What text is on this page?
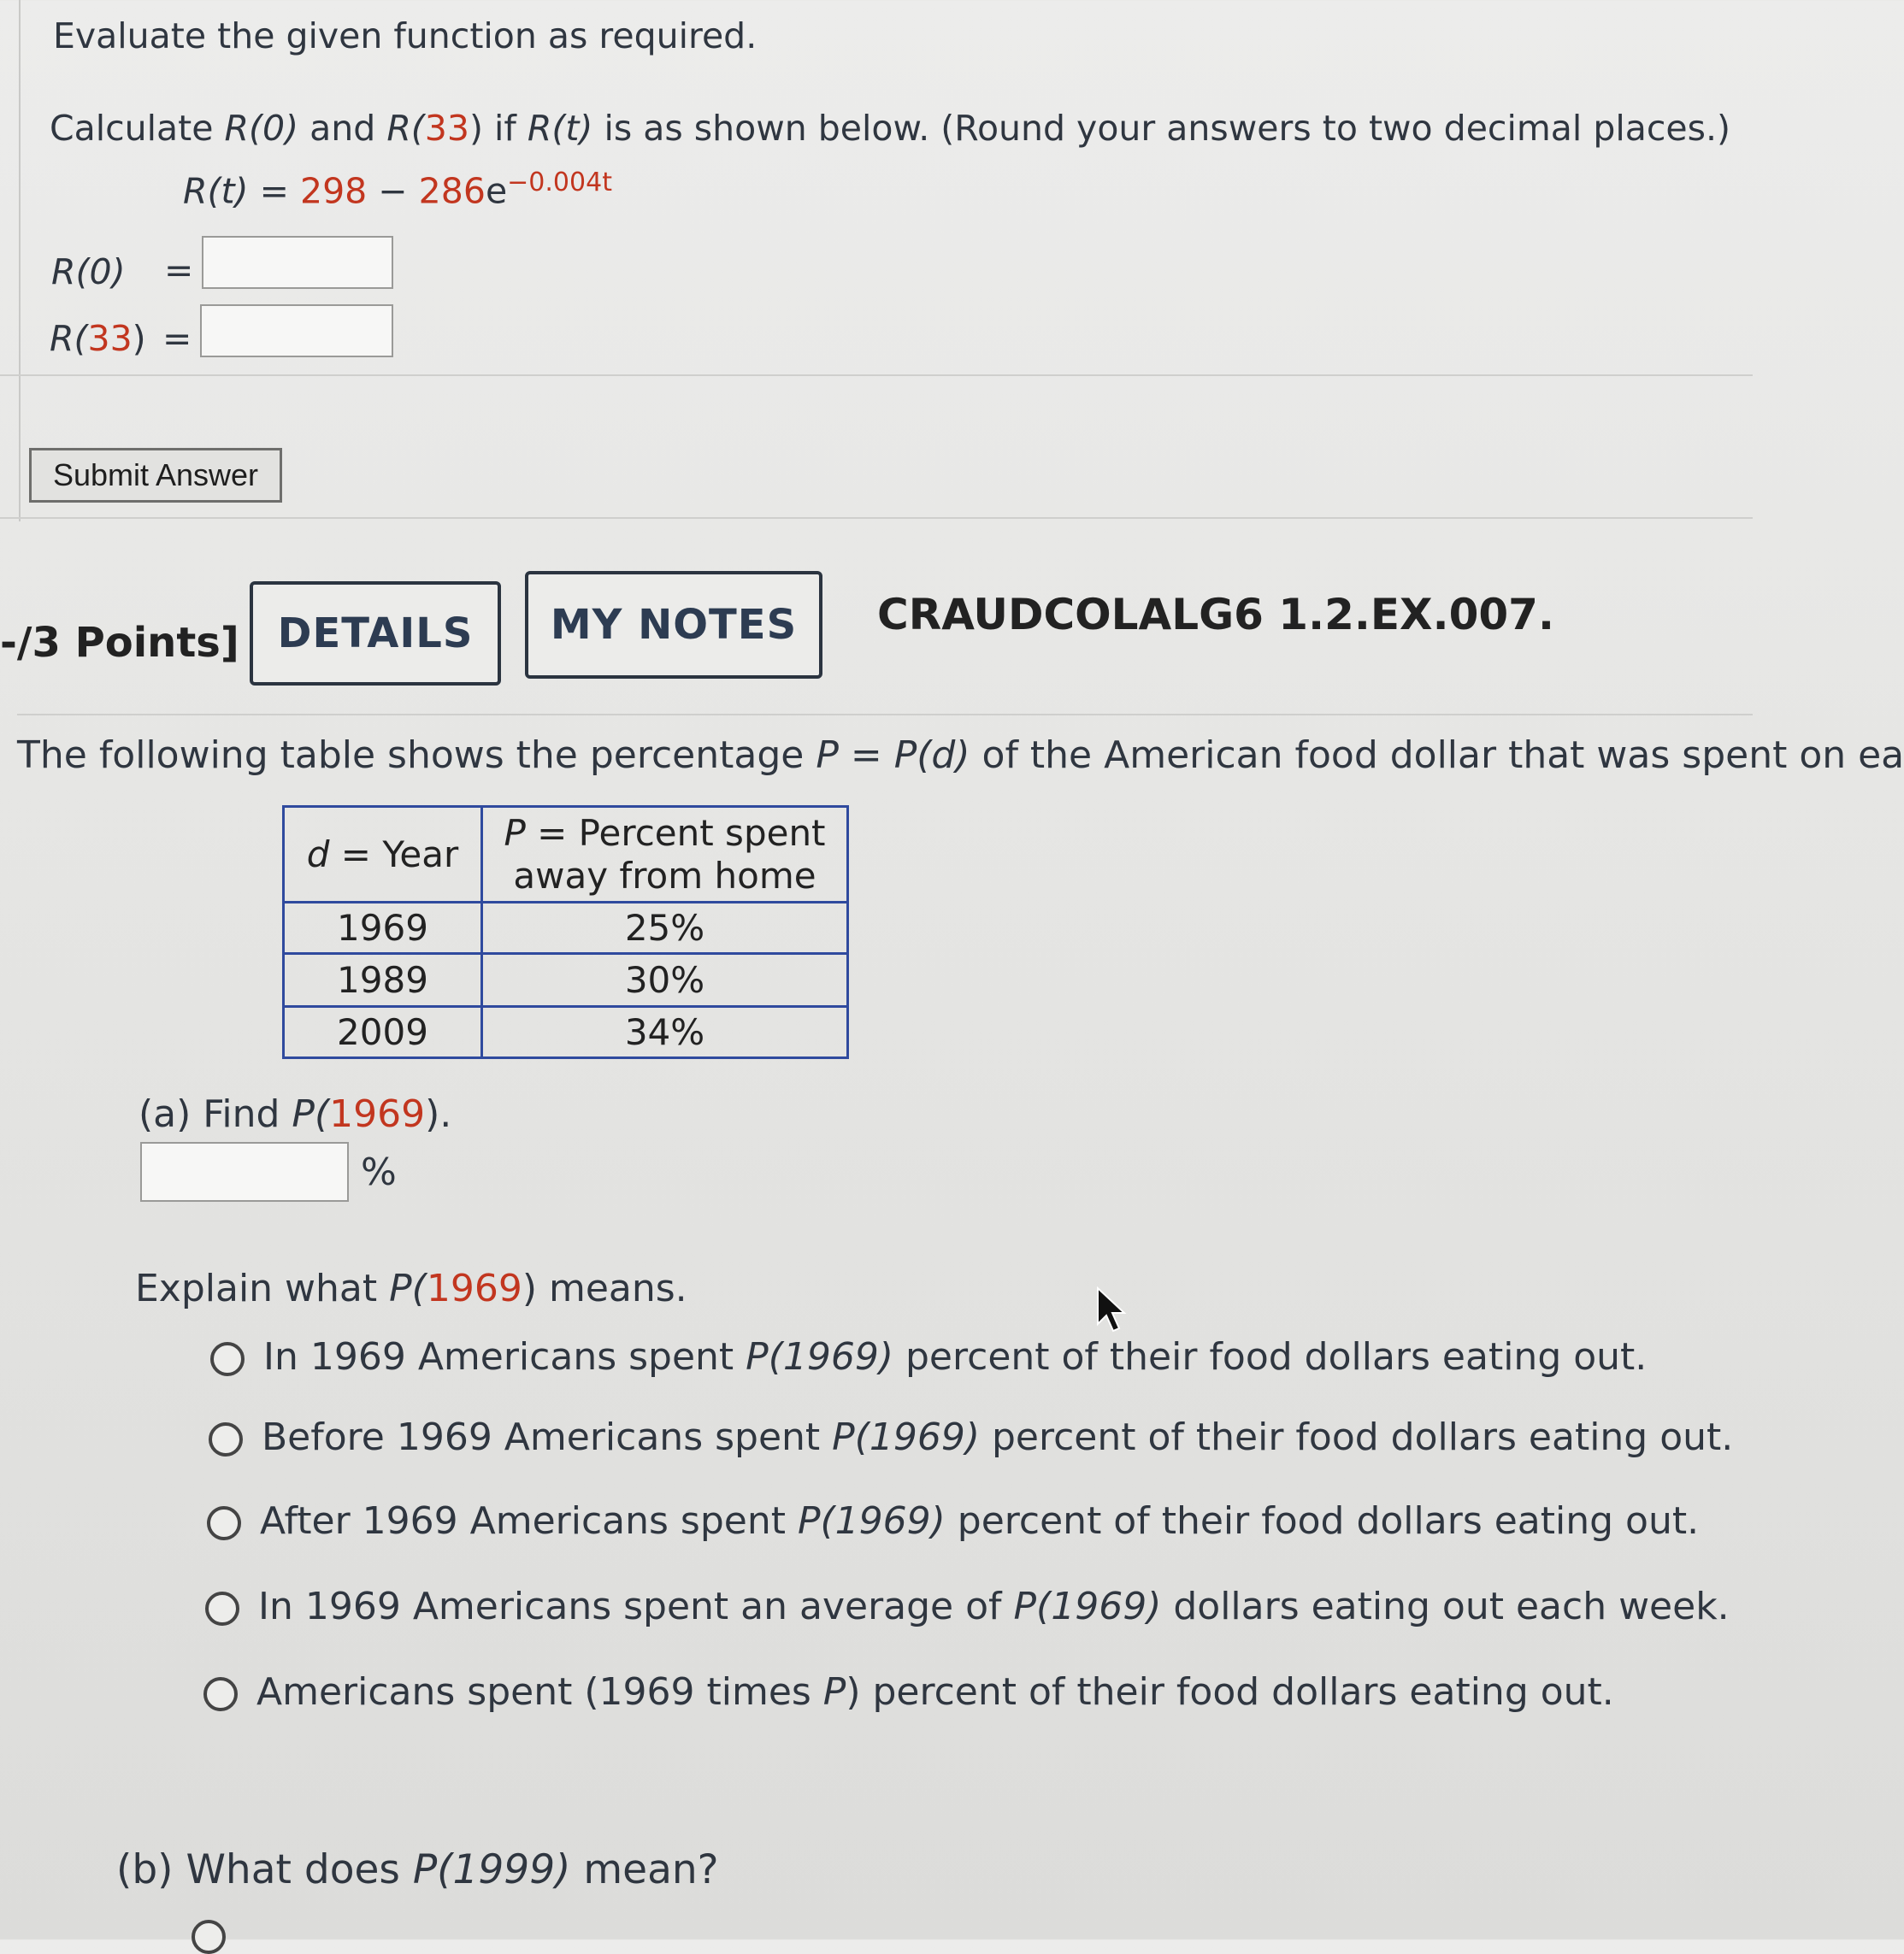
Evaluate the given function as required.
Calculate R(0) and R(33) if R(t) is as shown below. (Round your answers to two decimal places.)
$R(t) = 298 - 286e^{-0.004t}$
R(0) =
R(33) =
Submit Answer
-/3 Points] DETAILS	MY NOTES	CRAUDCOLALG6 1.2.EX.007.
The following table shows the percentage P = P(d) of the American food dollar that was spent on ea
d = Year	P = Percent spent
away from home
1969	25%
1989	30%
2009	34%
(a) Find P(1969).
%
Explain what P(1969) means.
In 1969 Americans spent P(1969) percent of their food dollars eating out.
Before 1969 Americans spent P(1969) percent of their food dollars eating out.
After 1969 Americans spent P(1969) percent of their food dollars eating out.
In 1969 Americans spent an average of P(1969) dollars eating out each week.
Americans spent (1969 times P) percent of their food dollars eating out.
(b) What does P(1999) mean?
